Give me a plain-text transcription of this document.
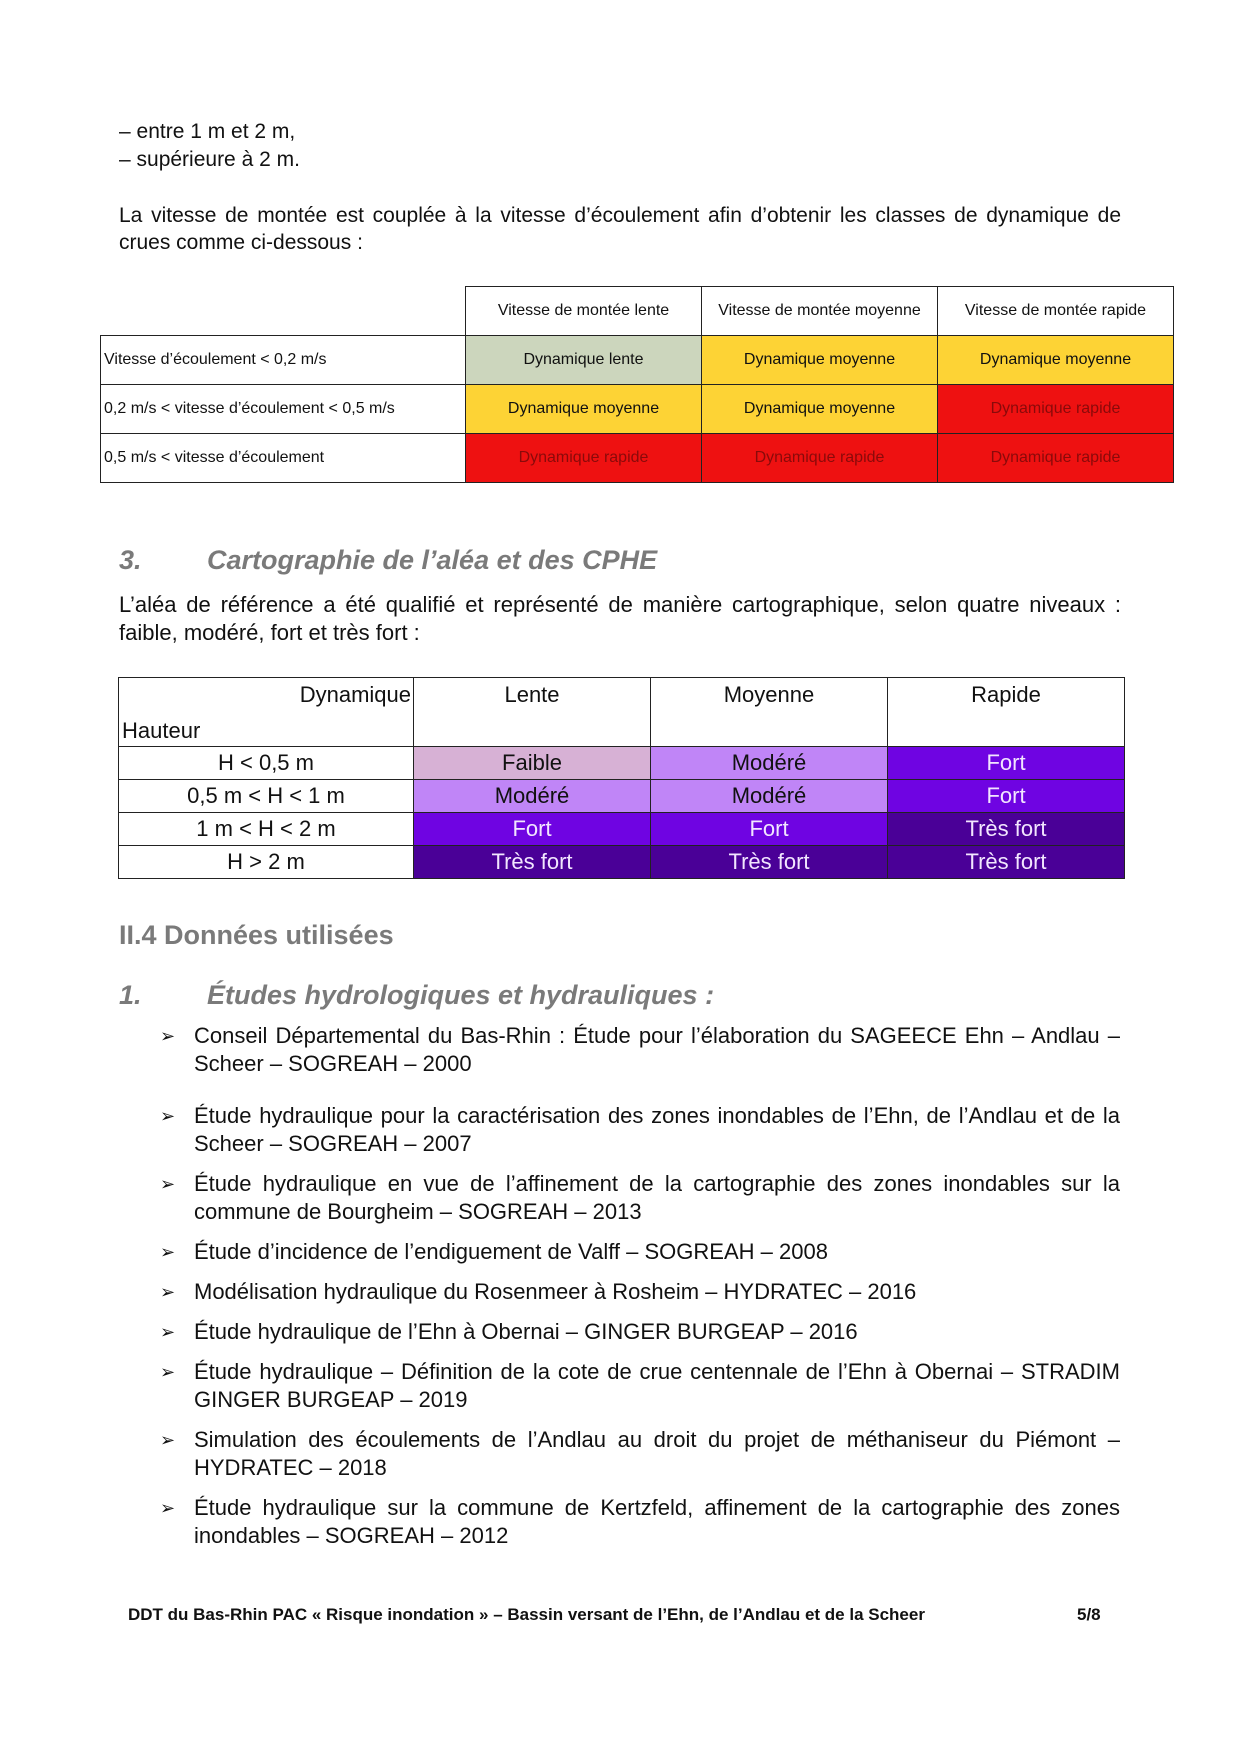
– entre 1 m et 2 m,
– supérieure à 2 m.
La vitesse de montée est couplée à la vitesse d’écoulement afin d’obtenir les classes de dynamique de crues comme ci-dessous :
	Vitesse de montée lente	Vitesse de montée moyenne	Vitesse de montée rapide
Vitesse d’écoulement < 0,2 m/s	Dynamique lente	Dynamique moyenne	Dynamique moyenne
0,2 m/s < vitesse d’écoulement < 0,5 m/s	Dynamique moyenne	Dynamique moyenne	Dynamique rapide
0,5 m/s < vitesse d’écoulement	Dynamique rapide	Dynamique rapide	Dynamique rapide
3. Cartographie de l’aléa et des CPHE
L’aléa de référence a été qualifié et représenté de manière cartographique, selon quatre niveaux : faible, modéré, fort et très fort :
Dynamique
Hauteur	Lente	Moyenne	Rapide
H < 0,5 m	Faible	Modéré	Fort
0,5 m < H < 1 m	Modéré	Modéré	Fort
1 m < H < 2 m	Fort	Fort	Très fort
H > 2 m	Très fort	Très fort	Très fort
II.4 Données utilisées
1. Études hydrologiques et hydrauliques :
➢ Conseil Départemental du Bas-Rhin : Étude pour l’élaboration du SAGEECE Ehn – Andlau – Scheer – SOGREAH – 2000
➢ Étude hydraulique pour la caractérisation des zones inondables de l’Ehn, de l’Andlau et de la Scheer – SOGREAH – 2007
➢ Étude hydraulique en vue de l’affinement de la cartographie des zones inondables sur la commune de Bourgheim – SOGREAH – 2013
➢ Étude d’incidence de l’endiguement de Valff – SOGREAH – 2008
➢ Modélisation hydraulique du Rosenmeer à Rosheim – HYDRATEC – 2016
➢ Étude hydraulique de l’Ehn à Obernai – GINGER BURGEAP – 2016
➢ Étude hydraulique – Définition de la cote de crue centennale de l’Ehn à Obernai – STRADIM GINGER BURGEAP – 2019
➢ Simulation des écoulements de l’Andlau au droit du projet de méthaniseur du Piémont – HYDRATEC – 2018
➢ Étude hydraulique sur la commune de Kertzfeld, affinement de la cartographie des zones inondables – SOGREAH – 2012
DDT du Bas-Rhin PAC « Risque inondation » – Bassin versant de l’Ehn, de l’Andlau et de la Scheer	5/8
